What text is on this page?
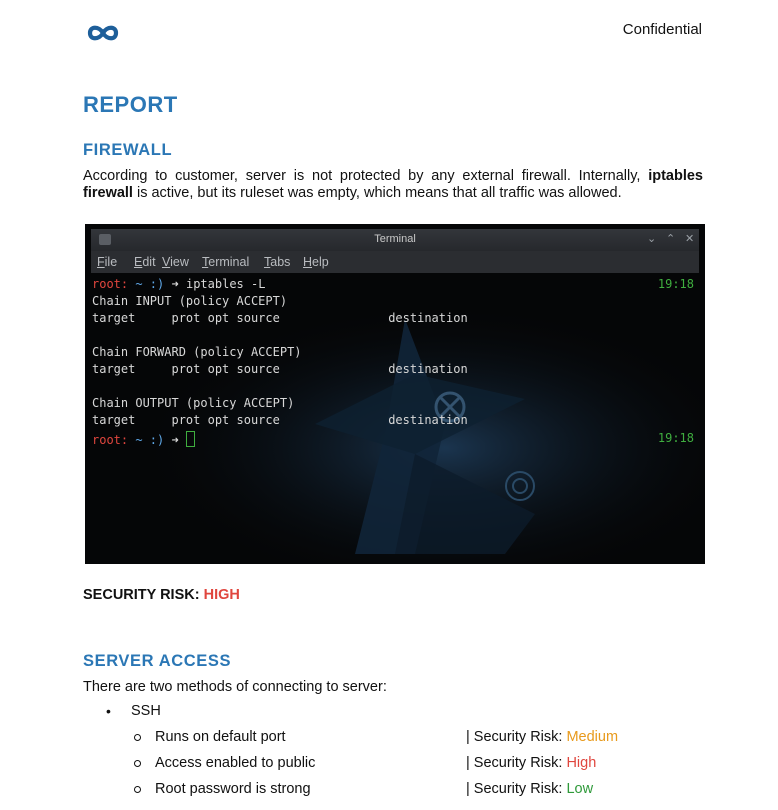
Confidential
REPORT
FIREWALL

According to customer, server is not protected by any external firewall. Internally, iptables firewall is active, but its ruleset was empty, which means that all traffic was allowed.

Terminal	⌄ ⌃ ✕
File Edit View Terminal Tabs Help
root: ~ :) ➜ iptables -L	19:18
Chain INPUT (policy ACCEPT)
target     prot opt source               destination
Chain FORWARD (policy ACCEPT)
target     prot opt source               destination
Chain OUTPUT (policy ACCEPT)
target     prot opt source               destination
root: ~ :) ➜	19:18
SECURITY RISK: HIGH
SERVER ACCESS
There are two methods of connecting to server:
• SSH
Runs on default port	| Security Risk: Medium
Access enabled to public	| Security Risk: High
Root password is strong	| Security Risk: Low
